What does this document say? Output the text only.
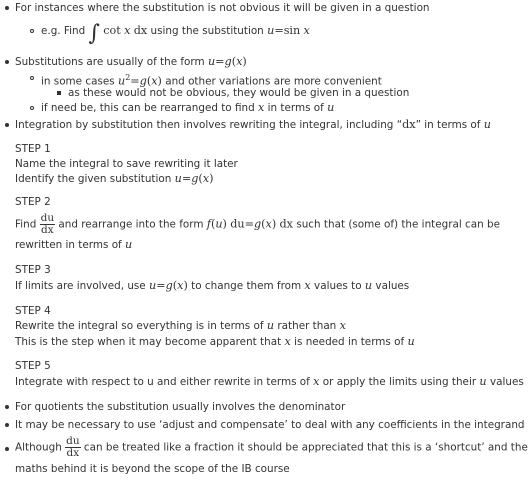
For instances where the substitution is not obvious it will be given in a question
e.g. Find ∫ cot x dx using the substitution u=sin x
Substitutions are usually of the form u=g(x)
in some cases $u^2=g(x)$ and other variations are more convenient
as these would not be obvious, they would be given in a question
if need be, this can be rearranged to find x in terms of u
Integration by substitution then involves rewriting the integral, including “dx” in terms of u
STEP 1
Name the integral to save rewriting it later
Identify the given substitution u=g(x)
STEP 2
Find $\frac{du}{dx}$ and rearrange into the form f(u) du=g(x) dx such that (some of) the integral can be
rewritten in terms of u
STEP 3
If limits are involved, use u=g(x) to change them from x values to u values
STEP 4
Rewrite the integral so everything is in terms of u rather than x
This is the step when it may become apparent that x is needed in terms of u
STEP 5
Integrate with respect to u and either rewrite in terms of x or apply the limits using their u values
For quotients the substitution usually involves the denominator
It may be necessary to use ‘adjust and compensate’ to deal with any coefficients in the integrand
Although $\frac{du}{dx}$ can be treated like a fraction it should be appreciated that this is a ‘shortcut’ and the
maths behind it is beyond the scope of the IB course
